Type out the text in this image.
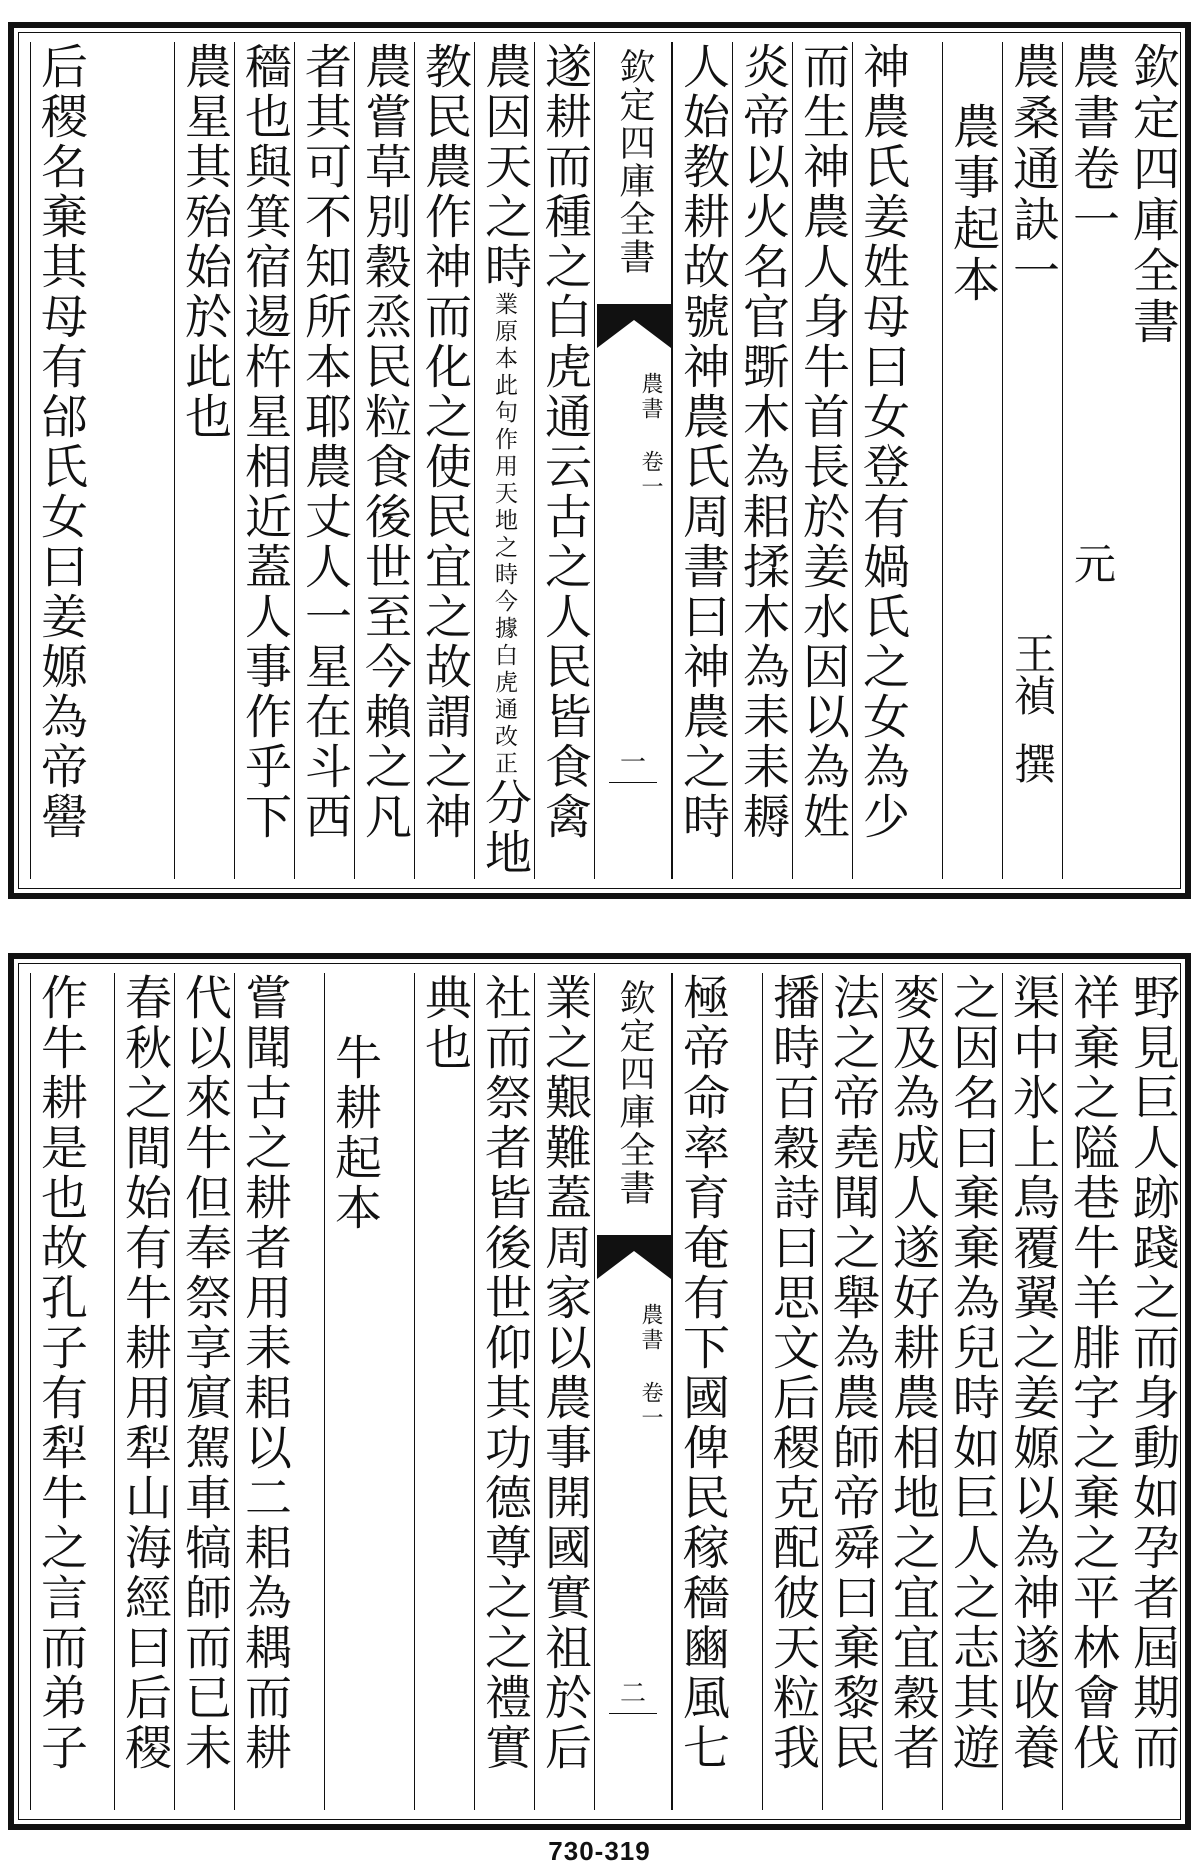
欽定四庫全書
農書卷一
農桑通訣一
農事起本
元
王禎
撰
神農氏姜姓母曰女登有媧氏之女為少
而生神農人身牛首長於姜水因以為姓
炎帝以火名官斲木為耜揉木為耒耒耨
人始教耕故號神農氏周書曰神農之時
欽定四庫全書
農書 卷一
一
遂耕而種之白虎通云古之人民皆食禽
農因天之時業原本此句作用天地之時今據白虎通改正分地
教民農作神而化之使民宜之故謂之神
農嘗草別穀烝民粒食後世至今賴之凡
者其可不知所本耶農丈人一星在斗西
穡也與箕宿逷杵星相近蓋人事作乎下
農星其殆始於此也
后稷名棄其母有邰氏女曰姜嫄為帝嚳
野見巨人跡踐之而身動如孕者屆期而
祥棄之隘巷牛羊腓字之棄之平林會伐
渠中氷上鳥覆翼之姜嫄以為神遂收養
之因名曰棄棄為兒時如巨人之志其遊
麥及為成人遂好耕農相地之宜宜穀者
法之帝堯聞之舉為農師帝舜曰棄黎民
播時百穀詩曰思文后稷克配彼天粒我
極帝命率育奄有下國俾民稼穡豳風七
欽定四庫全書
農書 卷一
二
業之艱難蓋周家以農事開國實祖於后
社而祭者皆後世仰其功德尊之之禮實
典也
牛耕起本
嘗聞古之耕者用耒耜以二耜為耦而耕
代以來牛但奉祭享賔駕車犒師而已未
春秋之間始有牛耕用犁山海經曰后稷
作牛耕是也故孔子有犁牛之言而弟子
730-319
